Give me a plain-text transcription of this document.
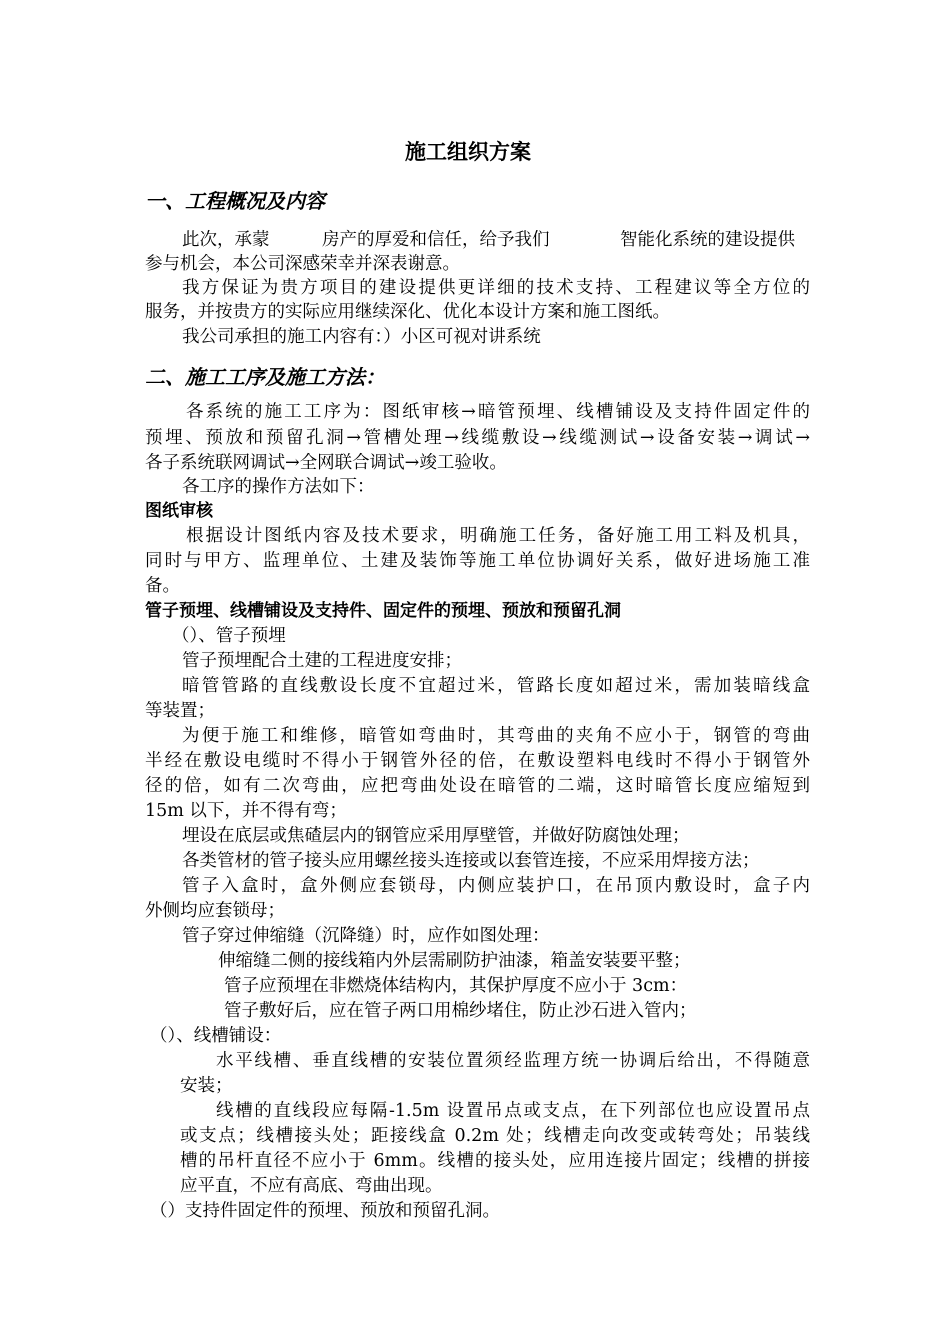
施工组织方案
一、工程概况及内容
此次，承蒙	房产的厚爱和信任，给予我们	智能化系统的建设提供
参与机会，本公司深感荣幸并深表谢意。
我方保证为贵方项目的建设提供更详细的技术支持、工程建议等全方位的
服务，并按贵方的实际应用继续深化、优化本设计方案和施工图纸。
我公司承担的施工内容有：）小区可视对讲系统
二、施工工序及施工方法：
各系统的施工工序为：图纸审核→暗管预埋、线槽铺设及支持件固定件的
预埋、预放和预留孔洞→管槽处理→线缆敷设→线缆测试→设备安装→调试→
各子系统联网调试→全网联合调试→竣工验收。
各工序的操作方法如下：
图纸审核
根据设计图纸内容及技术要求，明确施工任务，备好施工用工料及机具，
同时与甲方、监理单位、土建及装饰等施工单位协调好关系，做好进场施工准
备。
管子预埋、线槽铺设及支持件、固定件的预埋、预放和预留孔洞
（）、管子预埋
管子预埋配合土建的工程进度安排；
暗管管路的直线敷设长度不宜超过米，管路长度如超过米，需加装暗线盒
等装置；
为便于施工和维修，暗管如弯曲时，其弯曲的夹角不应小于，钢管的弯曲
半经在敷设电缆时不得小于钢管外径的倍，在敷设塑料电线时不得小于钢管外
径的倍，如有二次弯曲，应把弯曲处设在暗管的二端，这时暗管长度应缩短到
15m 以下，并不得有弯；
埋设在底层或焦碴层内的钢管应采用厚壁管，并做好防腐蚀处理；
各类管材的管子接头应用螺丝接头连接或以套管连接，不应采用焊接方法；
管子入盒时，盒外侧应套锁母，内侧应装护口，在吊顶内敷设时，盒子内
外侧均应套锁母；
管子穿过伸缩缝（沉降缝）时，应作如图处理：
伸缩缝二侧的接线箱内外层需刷防护油漆，箱盖安装要平整；
管子应预埋在非燃烧体结构内，其保护厚度不应小于 3cm：
管子敷好后，应在管子两口用棉纱堵住，防止沙石进入管内；
（）、线槽铺设：
水平线槽、垂直线槽的安装位置须经监理方统一协调后给出，不得随意
安装；
线槽的直线段应每隔-1.5m 设置吊点或支点，在下列部位也应设置吊点
或支点；线槽接头处；距接线盒 0.2m 处；线槽走向改变或转弯处；吊装线
槽的吊杆直径不应小于 6mm。线槽的接头处，应用连接片固定；线槽的拼接
应平直，不应有高底、弯曲出现。
（）支持件固定件的预埋、预放和预留孔洞。
